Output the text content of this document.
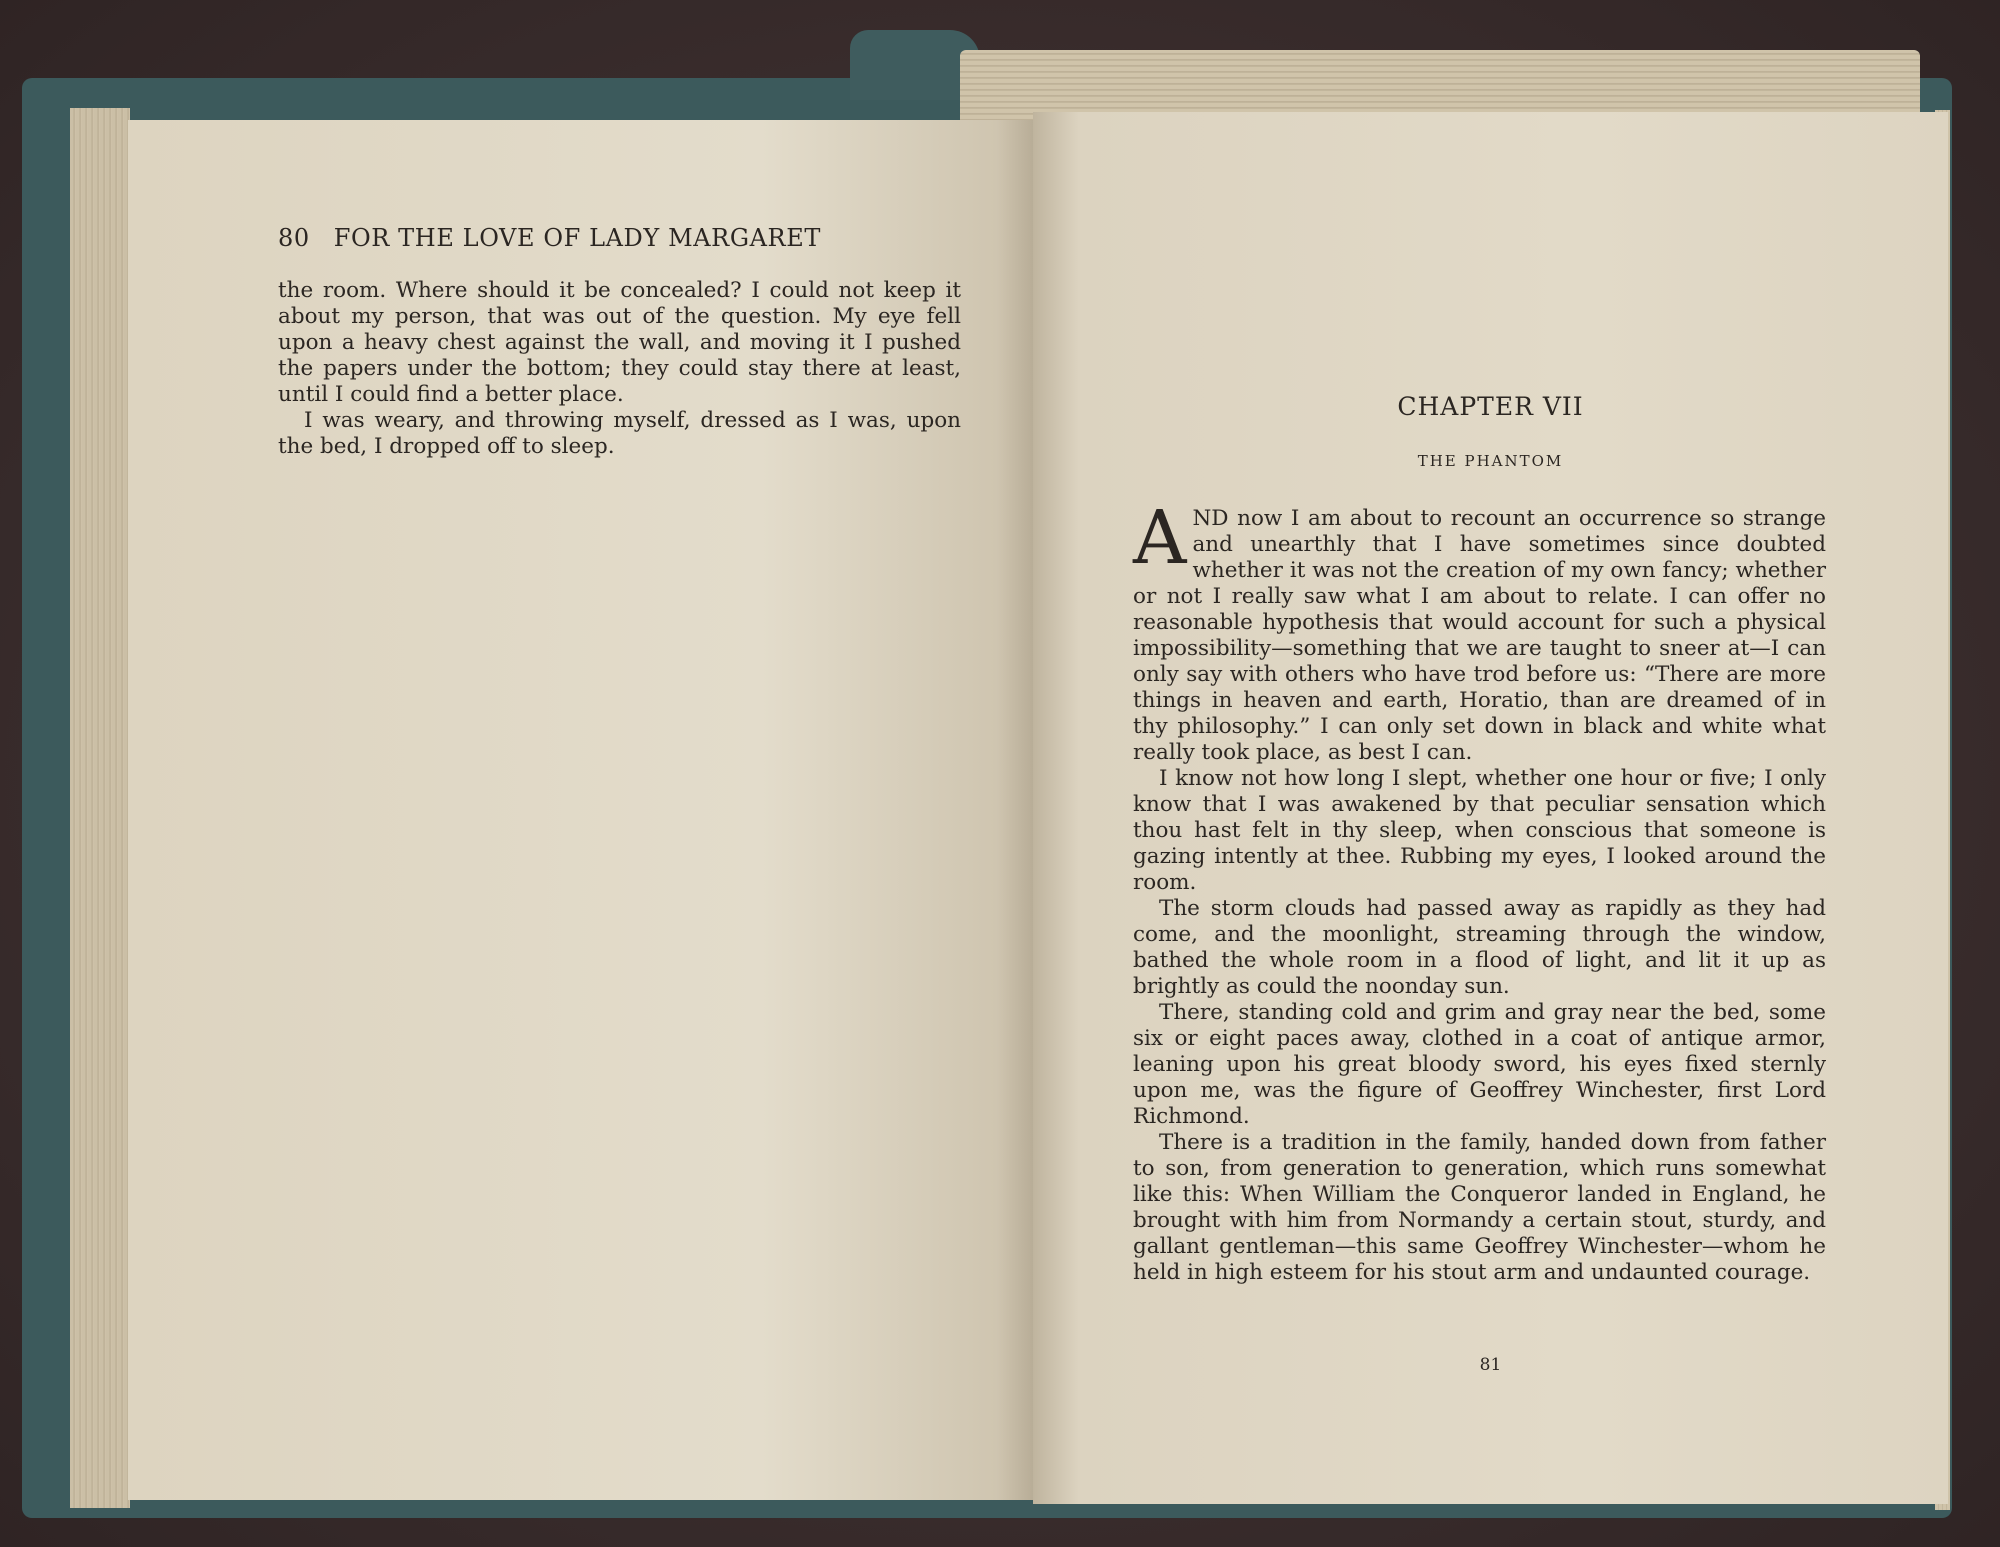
80 FOR THE LOVE OF LADY MARGARET

the room. Where should it be concealed? I could not keep it about my person, that was out of the question. My eye fell upon a heavy chest against the wall, and moving it I pushed the papers under the bottom; they could stay there at least, until I could find a better place.

I was weary, and throwing myself, dressed as I was, upon the bed, I dropped off to sleep.

CHAPTER VII
THE PHANTOM

AND now I am about to recount an occurrence so strange and unearthly that I have sometimes since doubted whether it was not the creation of my own fancy; whether or not I really saw what I am about to relate. I can offer no reasonable hypothesis that would account for such a physical impossibility—something that we are taught to sneer at—I can only say with others who have trod before us: “There are more things in heaven and earth, Horatio, than are dreamed of in thy philosophy.” I can only set down in black and white what really took place, as best I can.

I know not how long I slept, whether one hour or five; I only know that I was awakened by that peculiar sensation which thou hast felt in thy sleep, when conscious that someone is gazing intently at thee. Rubbing my eyes, I looked around the room.

The storm clouds had passed away as rapidly as they had come, and the moonlight, streaming through the window, bathed the whole room in a flood of light, and lit it up as brightly as could the noonday sun.

There, standing cold and grim and gray near the bed, some six or eight paces away, clothed in a coat of antique armor, leaning upon his great bloody sword, his eyes fixed sternly upon me, was the figure of Geoffrey Winchester, first Lord Richmond.

There is a tradition in the family, handed down from father to son, from generation to generation, which runs somewhat like this: When William the Conqueror landed in England, he brought with him from Normandy a certain stout, sturdy, and gallant gentleman—this same Geoffrey Winchester—whom he held in high esteem for his stout arm and undaunted courage.

81
